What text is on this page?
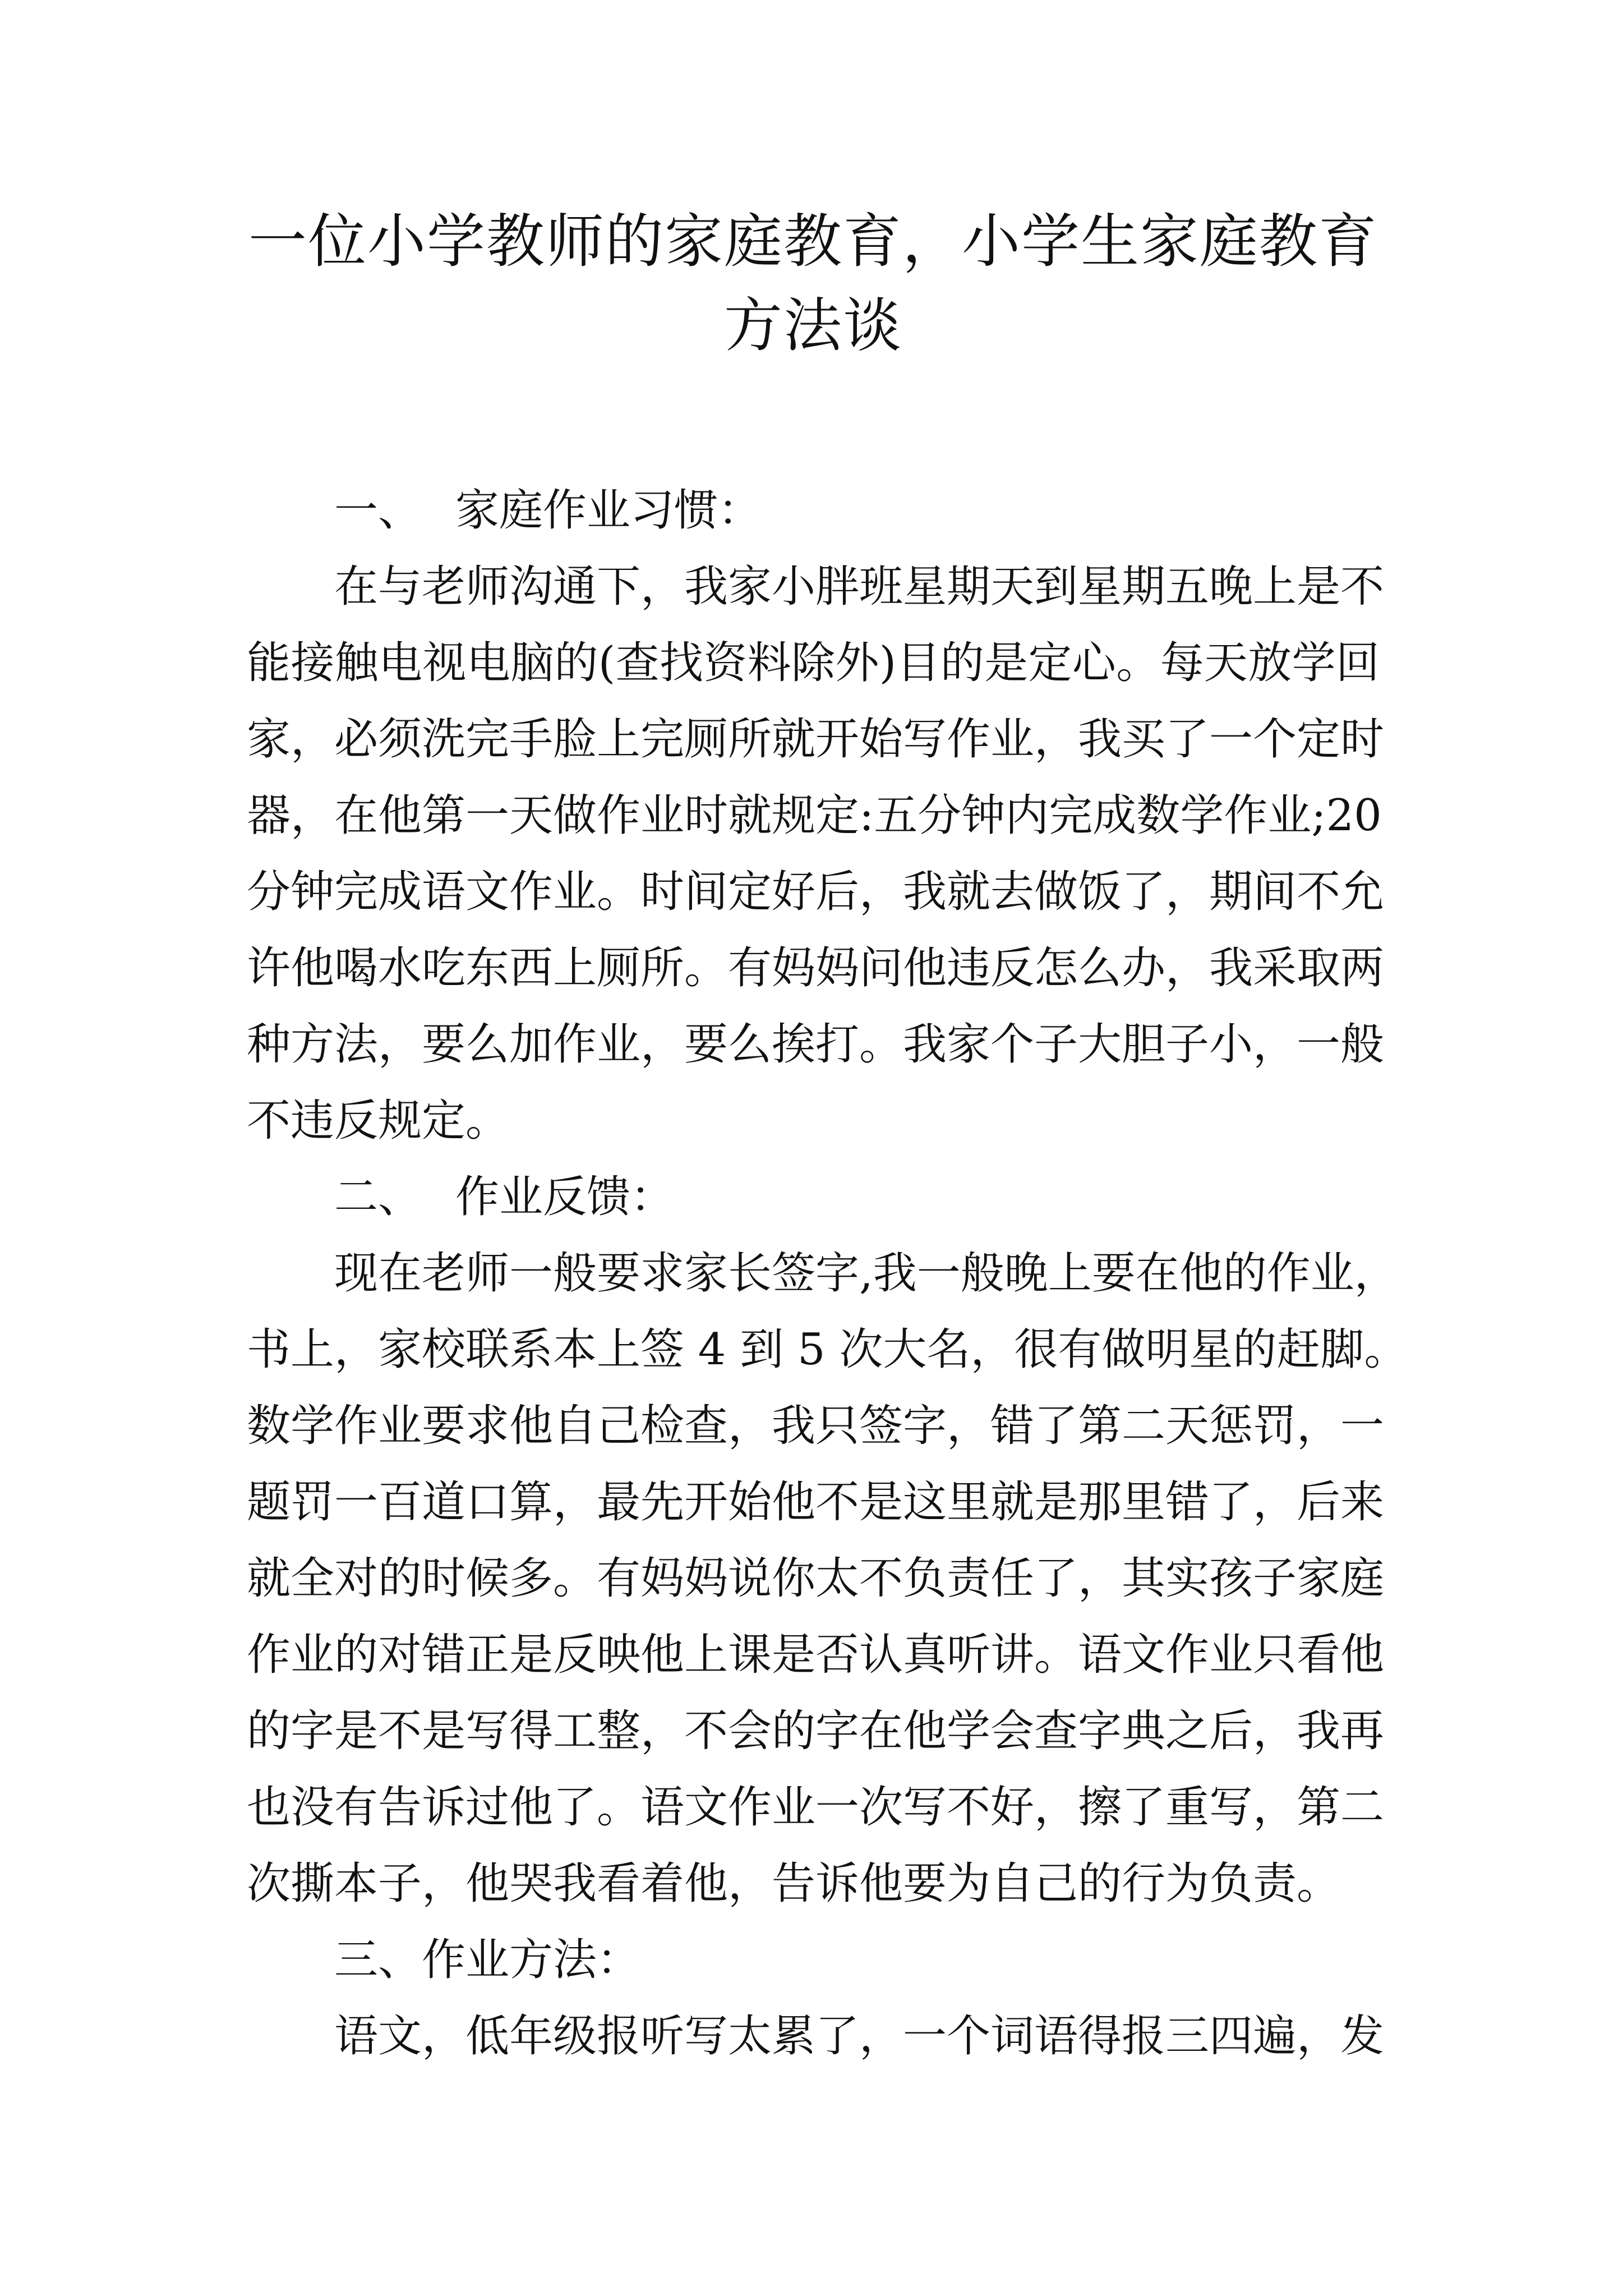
一位小学教师的家庭教育，小学生家庭教育
方法谈
一、 家庭作业习惯：
在与老师沟通下，我家小胖班星期天到星期五晚上是不
能接触电视电脑的(查找资料除外)目的是定心。每天放学回
家，必须洗完手脸上完厕所就开始写作业，我买了一个定时
器，在他第一天做作业时就规定:五分钟内完成数学作业;20
分钟完成语文作业。时间定好后，我就去做饭了，期间不允
许他喝水吃东西上厕所。有妈妈问他违反怎么办，我采取两
种方法，要么加作业，要么挨打。我家个子大胆子小，一般
不违反规定。
二、 作业反馈：
现在老师一般要求家长签字,我一般晚上要在他的作业，
书上，家校联系本上签 4 到 5 次大名，很有做明星的赶脚。
数学作业要求他自己检查，我只签字，错了第二天惩罚，一
题罚一百道口算，最先开始他不是这里就是那里错了，后来
就全对的时候多。有妈妈说你太不负责任了，其实孩子家庭
作业的对错正是反映他上课是否认真听讲。语文作业只看他
的字是不是写得工整，不会的字在他学会查字典之后，我再
也没有告诉过他了。语文作业一次写不好，擦了重写，第二
次撕本子，他哭我看着他，告诉他要为自己的行为负责。
三、作业方法：
语文，低年级报听写太累了，一个词语得报三四遍，发
